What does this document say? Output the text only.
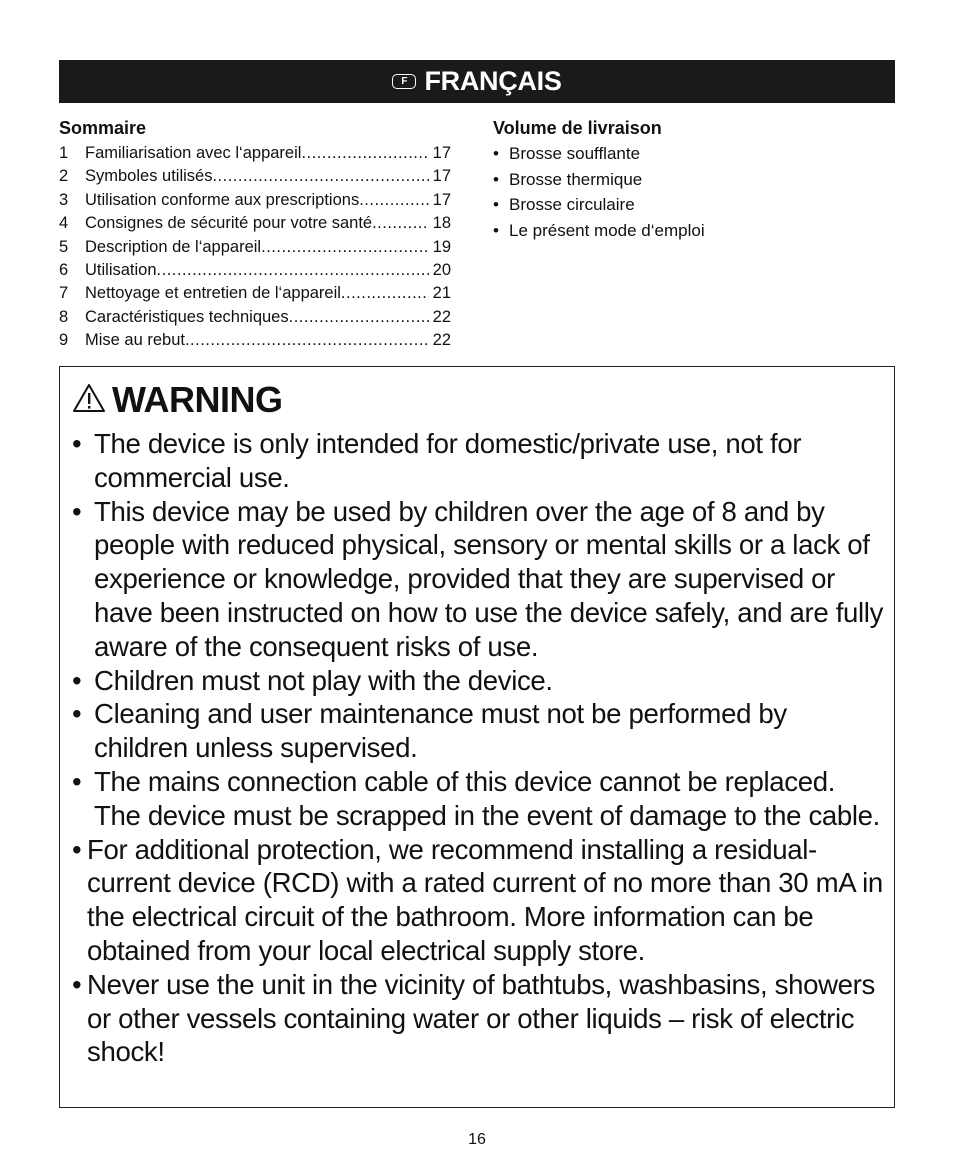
F FRANÇAIS
Sommaire
1	Familiarisation avec l‘appareil .....	17
2	Symboles utilisés .....	17
3	Utilisation conforme aux prescriptions .....	17
4	Consignes de sécurité pour votre santé .....	18
5	Description de l‘appareil .....	19
6	Utilisation .....	20
7	Nettoyage et entretien de l‘appareil .....	21
8	Caractéristiques techniques .....	22
9	Mise au rebut .....	22
Volume de livraison
• Brosse soufflante
• Brosse thermique
• Brosse circulaire
• Le présent mode d‘emploi
WARNING
• The device is only intended for domestic/private use, not for commercial use.
• This device may be used by children over the age of 8 and by people with reduced physical, sensory or mental skills or a lack of experience or knowledge, provided that they are supervised or have been instructed on how to use the device safely, and are fully aware of the consequent risks of use.
• Children must not play with the device.
• Cleaning and user maintenance must not be performed by children unless supervised.
• The mains connection cable of this device cannot be replaced. The device must be scrapped in the event of damage to the cable.
• For additional protection, we recommend installing a residual-current device (RCD) with a rated current of no more than 30 mA in the electrical circuit of the bathroom. More information can be obtained from your local electrical supply store.
• Never use the unit in the vicinity of bathtubs, washbasins, showers or other vessels containing water or other liquids – risk of electric shock!
16
